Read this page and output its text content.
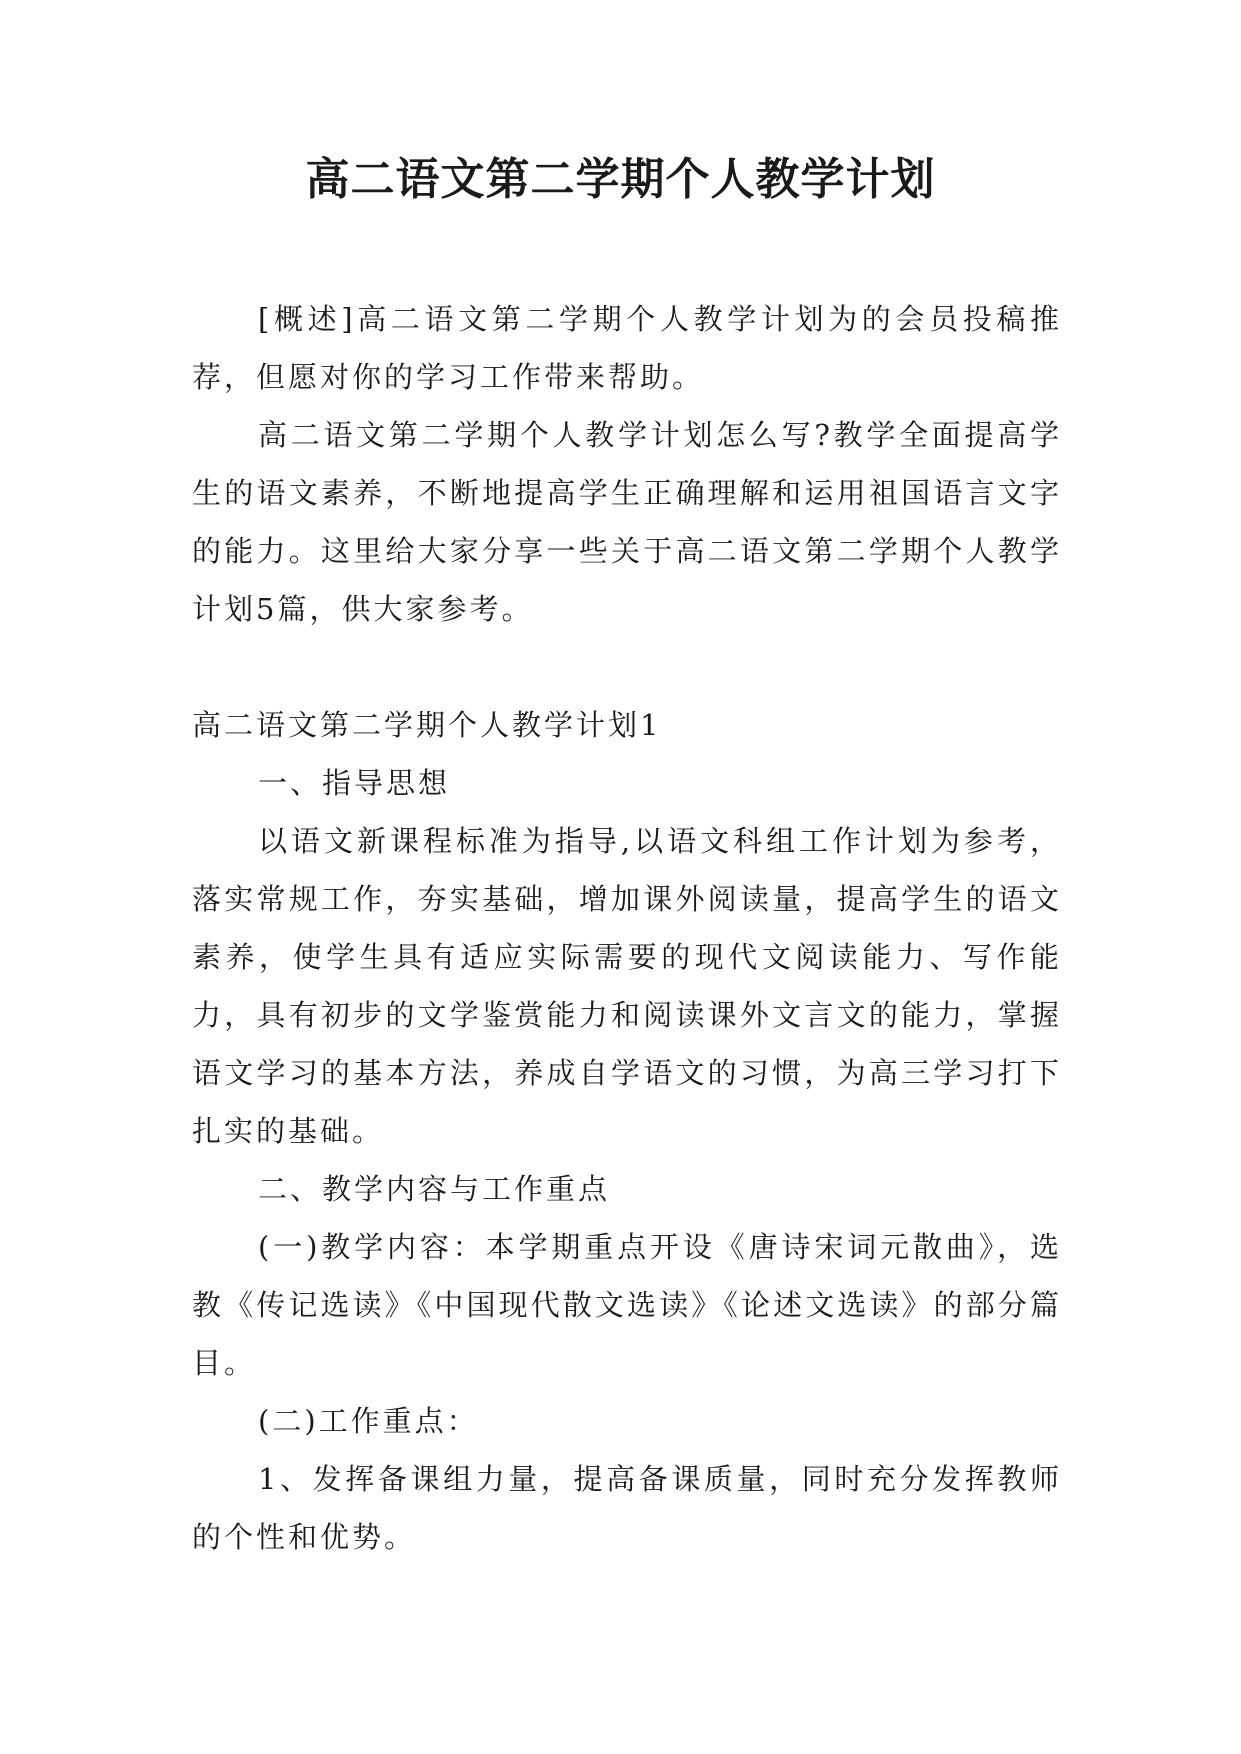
高二语文第二学期个人教学计划

[概述]高二语文第二学期个人教学计划为的会员投稿推荐，但愿对你的学习工作带来帮助。

高二语文第二学期个人教学计划怎么写?教学全面提高学生的语文素养，不断地提高学生正确理解和运用祖国语言文字的能力。这里给大家分享一些关于高二语文第二学期个人教学计划5篇，供大家参考。

高二语文第二学期个人教学计划1

一、指导思想

以语文新课程标准为指导,以语文科组工作计划为参考，落实常规工作，夯实基础，增加课外阅读量，提高学生的语文素养，使学生具有适应实际需要的现代文阅读能力、写作能力，具有初步的文学鉴赏能力和阅读课外文言文的能力，掌握语文学习的基本方法，养成自学语文的习惯，为高三学习打下扎实的基础。

二、教学内容与工作重点

(一)教学内容：本学期重点开设《唐诗宋词元散曲》，选教《传记选读》《中国现代散文选读》《论述文选读》的部分篇目。

(二)工作重点：

1、发挥备课组力量，提高备课质量，同时充分发挥教师的个性和优势。
